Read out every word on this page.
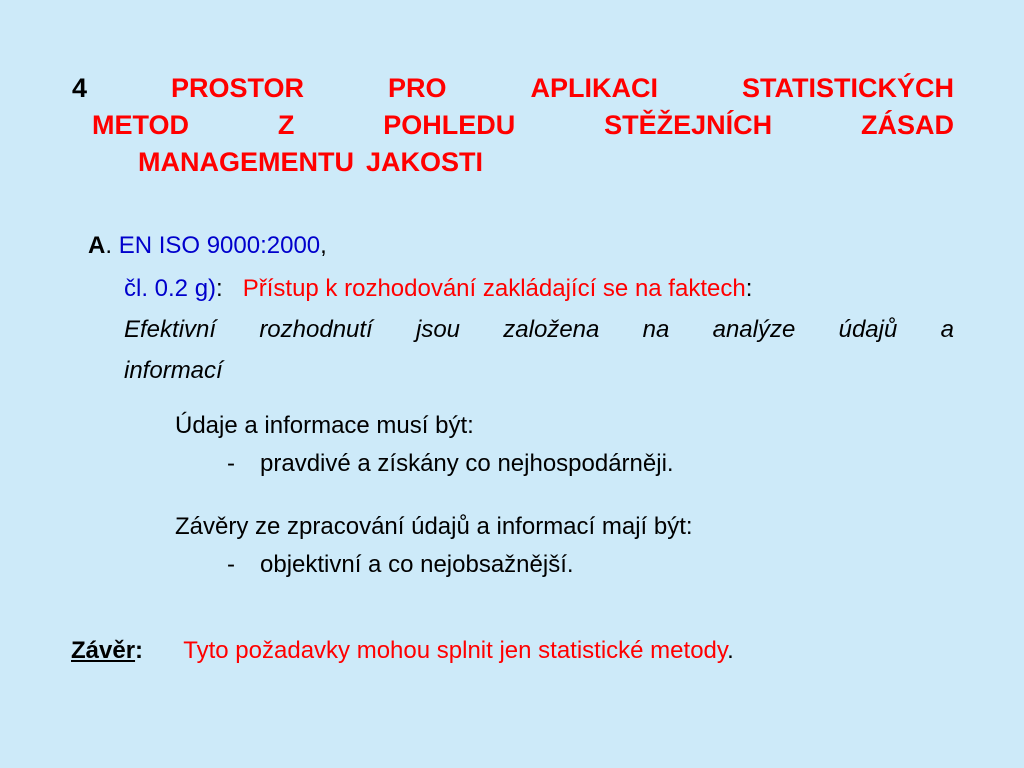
4	PROSTOR	PRO	APLIKACI	STATISTICKÝCH
METOD	Z	POHLEDU	STĚŽEJNÍCH	ZÁSAD
MANAGEMENTU JAKOSTI
A. EN ISO 9000:2000,
čl. 0.2 g): Přístup k rozhodování zakládající se na faktech:
Efektivní rozhodnutí jsou založena na analýze údajů a
informací
Údaje a informace musí být:
- pravdivé a získány co nejhospodárněji.
Závěry ze zpracování údajů a informací mají být:
- objektivní a co nejobsažnější.
Závěr: Tyto požadavky mohou splnit jen statistické metody.
